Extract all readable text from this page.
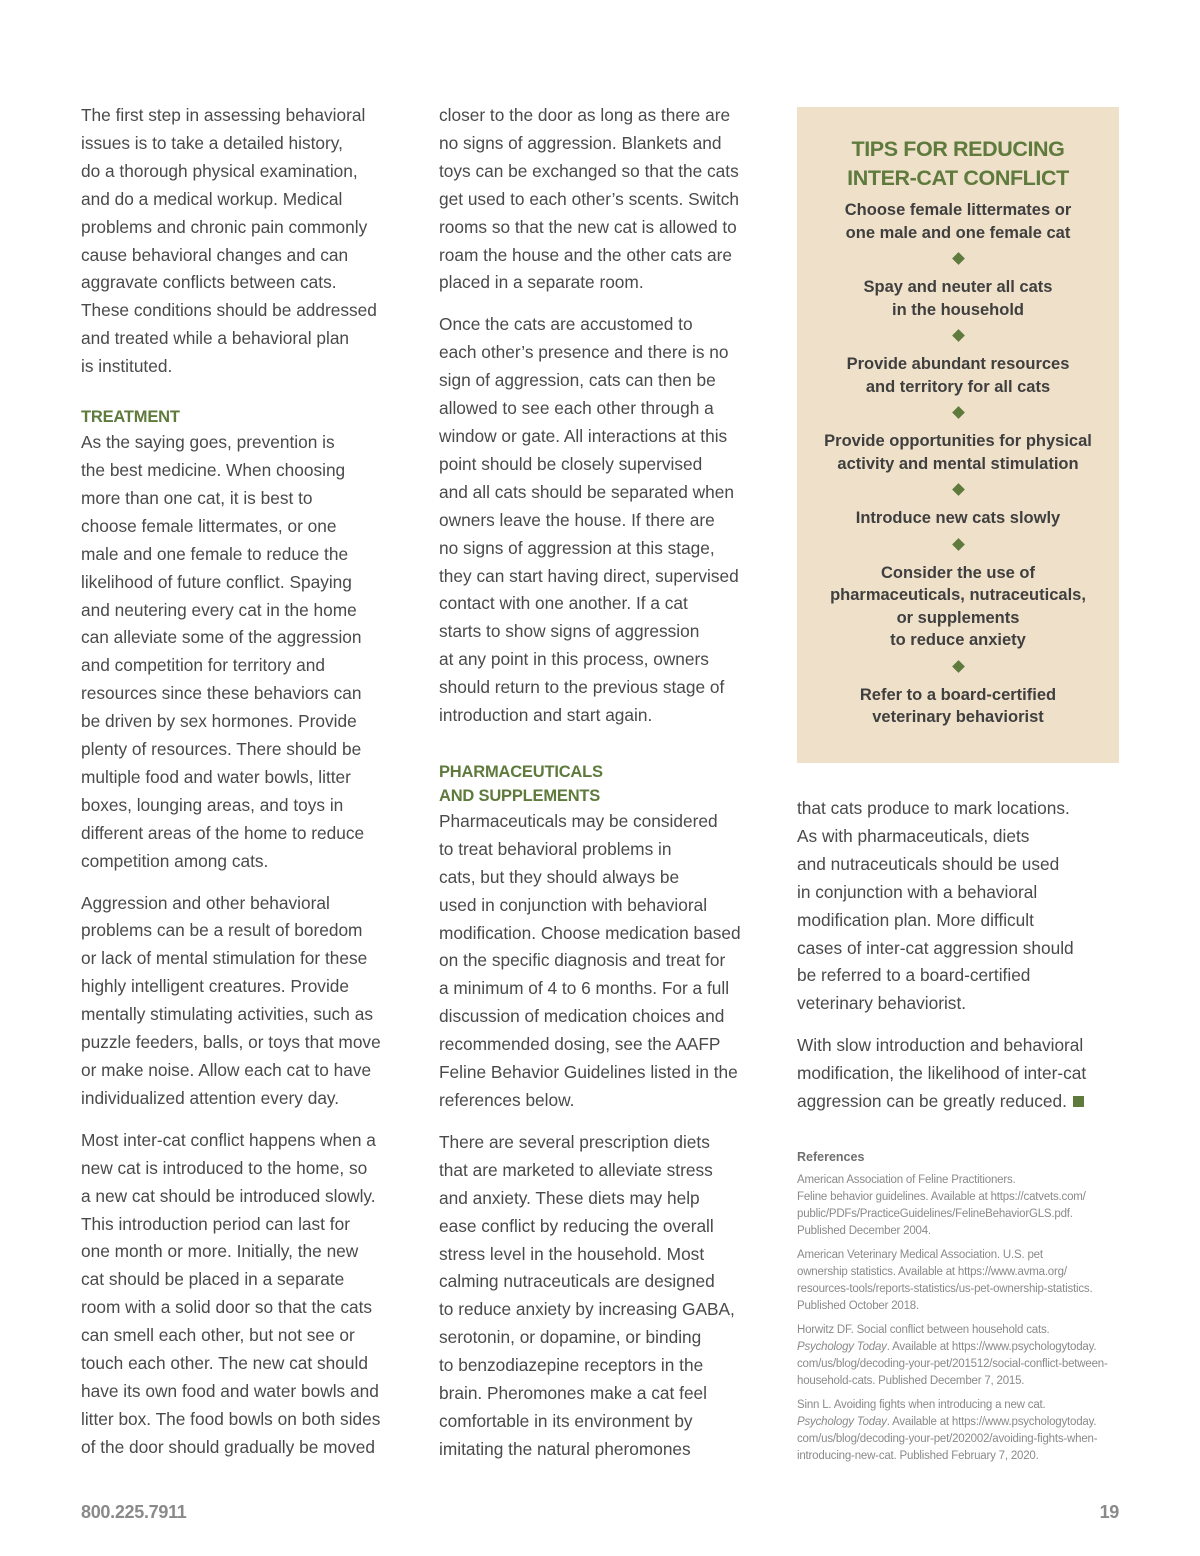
The first step in assessing behavioral
issues is to take a detailed history,
do a thorough physical examination,
and do a medical workup. Medical
problems and chronic pain commonly
cause behavioral changes and can
aggravate conflicts between cats.
These conditions should be addressed
and treated while a behavioral plan
is instituted.

TREATMENT

As the saying goes, prevention is
the best medicine. When choosing
more than one cat, it is best to
choose female littermates, or one
male and one female to reduce the
likelihood of future conflict. Spaying
and neutering every cat in the home
can alleviate some of the aggression
and competition for territory and
resources since these behaviors can
be driven by sex hormones. Provide
plenty of resources. There should be
multiple food and water bowls, litter
boxes, lounging areas, and toys in
different areas of the home to reduce
competition among cats.

Aggression and other behavioral
problems can be a result of boredom
or lack of mental stimulation for these
highly intelligent creatures. Provide
mentally stimulating activities, such as
puzzle feeders, balls, or toys that move
or make noise. Allow each cat to have
individualized attention every day.

Most inter-cat conflict happens when a
new cat is introduced to the home, so
a new cat should be introduced slowly.
This introduction period can last for
one month or more. Initially, the new
cat should be placed in a separate
room with a solid door so that the cats
can smell each other, but not see or
touch each other. The new cat should
have its own food and water bowls and
litter box. The food bowls on both sides
of the door should gradually be moved

closer to the door as long as there are
no signs of aggression. Blankets and
toys can be exchanged so that the cats
get used to each other’s scents. Switch
rooms so that the new cat is allowed to
roam the house and the other cats are
placed in a separate room.

Once the cats are accustomed to
each other’s presence and there is no
sign of aggression, cats can then be
allowed to see each other through a
window or gate. All interactions at this
point should be closely supervised
and all cats should be separated when
owners leave the house. If there are
no signs of aggression at this stage,
they can start having direct, supervised
contact with one another. If a cat
starts to show signs of aggression
at any point in this process, owners
should return to the previous stage of
introduction and start again.

PHARMACEUTICALS
AND SUPPLEMENTS

Pharmaceuticals may be considered
to treat behavioral problems in
cats, but they should always be
used in conjunction with behavioral
modification. Choose medication based
on the specific diagnosis and treat for
a minimum of 4 to 6 months. For a full
discussion of medication choices and
recommended dosing, see the AAFP
Feline Behavior Guidelines listed in the
references below.

There are several prescription diets
that are marketed to alleviate stress
and anxiety. These diets may help
ease conflict by reducing the overall
stress level in the household. Most
calming nutraceuticals are designed
to reduce anxiety by increasing GABA,
serotonin, or dopamine, or binding
to benzodiazepine receptors in the
brain. Pheromones make a cat feel
comfortable in its environment by
imitating the natural pheromones

TIPS FOR REDUCING
INTER-CAT CONFLICT
Choose female littermates or
one male and one female cat
Spay and neuter all cats
in the household
Provide abundant resources
and territory for all cats
Provide opportunities for physical
activity and mental stimulation
Introduce new cats slowly
Consider the use of
pharmaceuticals, nutraceuticals,
or supplements
to reduce anxiety
Refer to a board-certified
veterinary behaviorist

that cats produce to mark locations.
As with pharmaceuticals, diets
and nutraceuticals should be used
in conjunction with a behavioral
modification plan. More difficult
cases of inter-cat aggression should
be referred to a board-certified
veterinary behaviorist.

With slow introduction and behavioral
modification, the likelihood of inter-cat
aggression can be greatly reduced.

References

American Association of Feline Practitioners.
Feline behavior guidelines. Available at https://catvets.com/
public/PDFs/PracticeGuidelines/FelineBehaviorGLS.pdf.
Published December 2004.

American Veterinary Medical Association. U.S. pet
ownership statistics. Available at https://www.avma.org/
resources-tools/reports-statistics/us-pet-ownership-statistics.
Published October 2018.

Horwitz DF. Social conflict between household cats.
Psychology Today. Available at https://www.psychologytoday.
com/us/blog/decoding-your-pet/201512/social-conflict-between-
household-cats. Published December 7, 2015.

Sinn L. Avoiding fights when introducing a new cat.
Psychology Today. Available at https://www.psychologytoday.
com/us/blog/decoding-your-pet/202002/avoiding-fights-when-
introducing-new-cat. Published February 7, 2020.

800.225.7911	19
